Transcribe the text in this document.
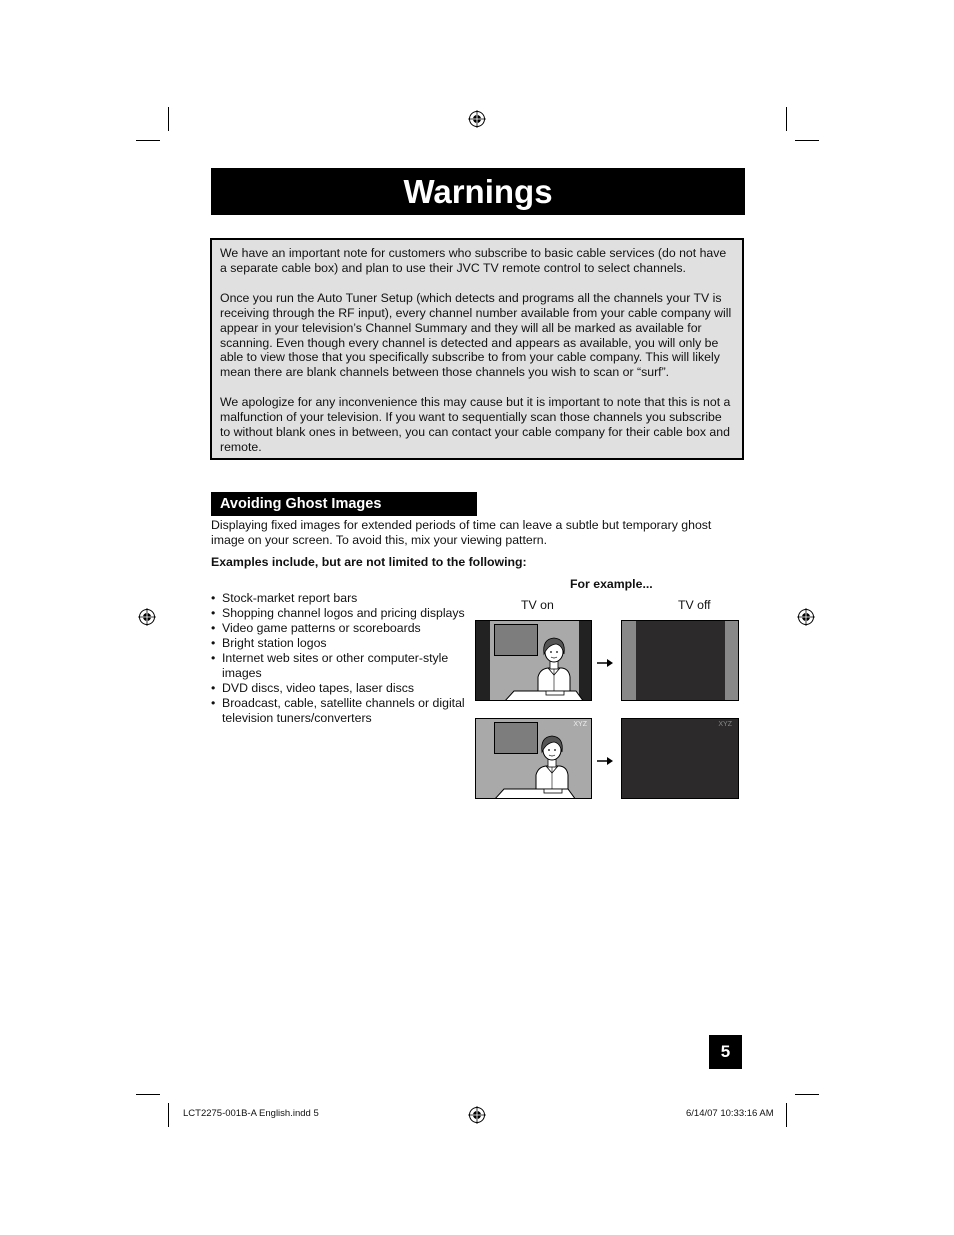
Warnings

We have an important note for customers who subscribe to basic cable services (do not have a separate cable box) and plan to use their JVC TV remote control to select channels.

Once you run the Auto Tuner Setup (which detects and programs all the channels your TV is receiving through the RF input), every channel number available from your cable company will appear in your television’s Channel Summary and they will all be marked as available for scanning. Even though every channel is detected and appears as available, you will only be able to view those that you specifically subscribe to from your cable company. This will likely mean there are blank channels between those channels you wish to scan or “surf”.

We apologize for any inconvenience this may cause but it is important to note that this is not a malfunction of your television. If you want to sequentially scan those channels you subscribe to without blank ones in between, you can contact your cable company for their cable box and remote.

Avoiding Ghost Images
Displaying fixed images for extended periods of time can leave a subtle but temporary ghost image on your screen. To avoid this, mix your viewing pattern.
Examples include, but are not limited to the following:
• Stock-market report bars
• Shopping channel logos and pricing displays
• Video game patterns or scoreboards
• Bright station logos
• Internet web sites or other computer-style images
• DVD discs, video tapes, laser discs
• Broadcast, cable, satellite channels or digital television tuners/converters
For example...
TV on	TV off
XYZ	XYZ
5
LCT2275-001B-A English.indd 5	6/14/07 10:33:16 AM
